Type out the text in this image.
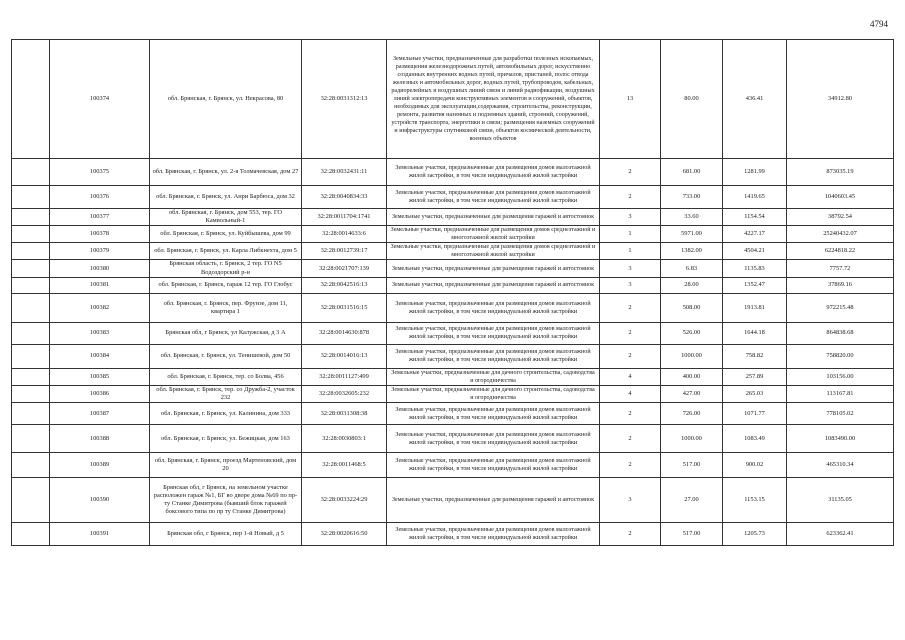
4794
	100374	обл. Брянская, г. Брянск, ул. Некрасова, 80	32:28:0031312:13	Земельные участки, предназначенные для разработки полезных ископаемых, размещения железнодорожных путей, автомобильных дорог, искусственно созданных внутренних водных путей, причалов, пристаней, полос отвода железных и автомобильных дорог, водных путей, трубопроводов, кабельных, радиорелейных и воздушных линий связи и линий радиофикации, воздушных линий электропередачи конструктивных элементов и сооружений, объектов, необходимых для эксплуатации,содержания, строительства, реконструкции, ремонта, развития наземных и подземных зданий, строений, сооружений, устройств транспорта, энергетики и связи; размещения наземных сооружений и инфраструктуры спутниковой связи, объектов космической деятельности, военных объектов	13	80.00	436.41	34912.80
	100375	обл. Брянская, г. Брянск, ул. 2-я Толмачевская, дом 27	32:28:0032431:11	Земельные участки, предназначенные для размещения домов малоэтажной жилой застройки, в том числе индивидуальной жилой застройки	2	681.00	1281.99	873035.19
	100376	обл. Брянская, г. Брянск, ул. Анри Барбюса, дом 32	32:28:0040834:33	Земельные участки, предназначенные для размещения домов малоэтажной жилой застройки, в том числе индивидуальной жилой застройки	2	733.00	1419.65	1040603.45
	100377	обл. Брянская, г. Брянск, дом 553, тер. ГО Камвольный-1	32:28:0011704:1741	Земельные участки, предназначенные для размещения гаражей и автостоянок	3	33.60	1154.54	38792.54
	100378	обл. Брянская, г. Брянск, ул. Куйбышева, дом 99	32:28:0014633:6	Земельные участки, предназначенные для размещения домов среднеэтажной и многоэтажной жилой застройки	1	5971.00	4227.17	25240432.07
	100379	обл. Брянская, г. Брянск, ул. Карла Либкнехта, дом 5	32:28:0012739:17	Земельные участки, предназначенные для размещения домов среднеэтажной и многоэтажной жилой застройки	1	1382.00	4504.21	6224818.22
	100380	Брянская область, г. Брянск, 2 тер. ГО N5 Водоздорский р-н	32:28:0021707:139	Земельные участки, предназначенные для размещения гаражей и автостоянок	3	6.83	1135.83	7757.72
	100381	обл. Брянская, г. Брянск, гараж 12 тер. ГО Глобус	32:28:0042516:13	Земельные участки, предназначенные для размещения гаражей и автостоянок	3	28.00	1352.47	37869.16
	100382	обл. Брянская, г. Брянск, пер. Фрунзе, дом 11, квартира 1	32:28:0031516:15	Земельные участки, предназначенные для размещения домов малоэтажной жилой застройки, в том числе индивидуальной жилой застройки	2	508.00	1913.81	972215.48
	100383	Брянская обл, г Брянск, ул Калужская, д 3 А	32:28:0014630:878	Земельные участки, предназначенные для размещения домов малоэтажной жилой застройки, в том числе индивидуальной жилой застройки	2	526.00	1644.18	864838.68
	100384	обл. Брянская, г. Брянск, ул. Тенишевой, дом 50	32:28:0014016:13	Земельные участки, предназначенные для размещения домов малоэтажной жилой застройки, в том числе индивидуальной жилой застройки	2	1000.00	758.82	758820.00
	100385	обл. Брянская, г. Брянск, тер. со Болва, 456	32:28:0011127:499	Земельные участки, предназначенные для дачного строительства, садоводства и огородничества	4	400.00	257.89	103156.00
	100386	обл. Брянская, г. Брянск, тер. со Дружба-2, участок 232	32:28:0032605:232	Земельные участки, предназначенные для дачного строительства, садоводства и огородничества	4	427.00	265.03	113167.81
	100387	обл. Брянская, г. Брянск, ул. Калинина, дом 333	32:28:0031308:38	Земельные участки, предназначенные для размещения домов малоэтажной жилой застройки, в том числе индивидуальной жилой застройки	2	726.00	1071.77	778105.02
	100388	обл. Брянская, г. Брянск, ул. Бежицкая, дом 163	32:28:0030803:1	Земельные участки, предназначенные для размещения домов малоэтажной жилой застройки, в том числе индивидуальной жилой застройки	2	1000.00	1083.49	1083490.00
	100389	обл. Брянская, г. Брянск, проезд Мартеновский, дом 20	32:28:0011468:5	Земельные участки, предназначенные для размещения домов малоэтажной жилой застройки, в том числе индивидуальной жилой застройки	2	517.00	900.02	465310.34
	100390	Брянская обл, г Брянск, на земельном участке расположен гараж №1, БГ во дворе дома №69 по пр-ту Станке Димитрова (бывший блок гаражей боксового типа по пр ту Станке Димитрова)	32:28:0033224:29	Земельные участки, предназначенные для размещения гаражей и автостоянок	3	27.00	1153.15	31135.05
	100391	Брянская обл, г Брянск, пер 1-й Новый, д 5	32:28:0020616:50	Земельные участки, предназначенные для размещения домов малоэтажной жилой застройки, в том числе индивидуальной жилой застройки	2	517.00	1205.73	623362.41
